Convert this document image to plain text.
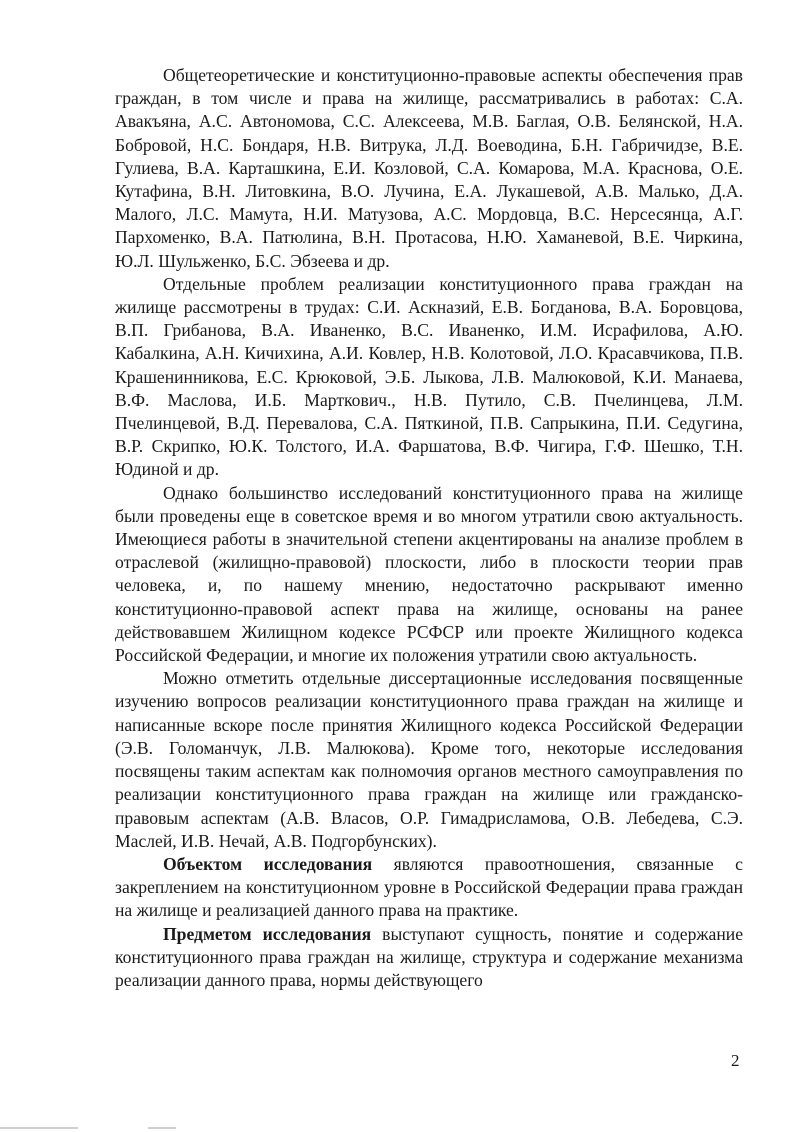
Общетеоретические и конституционно-правовые аспекты обеспечения прав граждан, в том числе и права на жилище, рассматривались в работах: С.А. Авакъяна, А.С. Автономова, С.С. Алексеева, М.В. Баглая, О.В. Белянской, Н.А. Бобровой, Н.С. Бондаря, Н.В. Витрука, Л.Д. Воеводина, Б.Н. Габричидзе, В.Е. Гулиева, В.А. Карташкина, Е.И. Козловой, С.А. Комарова, М.А. Краснова, О.Е. Кутафина, В.Н. Литовкина, В.О. Лучина, Е.А. Лукашевой, А.В. Малько, Д.А. Малого, Л.С. Мамута, Н.И. Матузова, А.С. Мордовца, В.С. Нерсесянца, А.Г. Пархоменко, В.А. Патюлина, В.Н. Протасова, Н.Ю. Хаманевой, В.Е. Чиркина, Ю.Л. Шульженко, Б.С. Эбзеева и др.

Отдельные проблем реализации конституционного права граждан на жилище рассмотрены в трудах: С.И. Аскназий, Е.В. Богданова, В.А. Боровцова, В.П. Грибанова, В.А. Иваненко, В.С. Иваненко, И.М. Исрафилова, А.Ю. Кабалкина, А.Н. Кичихина, А.И. Ковлер, Н.В. Колотовой, Л.О. Красавчикова, П.В. Крашенинникова, Е.С. Крюковой, Э.Б. Лыкова, Л.В. Малюковой, К.И. Манаева, В.Ф. Маслова, И.Б. Марткович., Н.В. Путило, С.В. Пчелинцева, Л.М. Пчелинцевой, В.Д. Перевалова, С.А. Пяткиной, П.В. Сапрыкина, П.И. Седугина, В.Р. Скрипко, Ю.К. Толстого, И.А. Фаршатова, В.Ф. Чигира, Г.Ф. Шешко, Т.Н. Юдиной и др.

Однако большинство исследований конституционного права на жилище были проведены еще в советское время и во многом утратили свою актуальность. Имеющиеся работы в значительной степени акцентированы на анализе проблем в отраслевой (жилищно-правовой) плоскости, либо в плоскости теории прав человека, и, по нашему мнению, недостаточно раскрывают именно конституционно-правовой аспект права на жилище, основаны на ранее действовавшем Жилищном кодексе РСФСР или проекте Жилищного кодекса Российской Федерации, и многие их положения утратили свою актуальность.

Можно отметить отдельные диссертационные исследования посвященные изучению вопросов реализации конституционного права граждан на жилище и написанные вскоре после принятия Жилищного кодекса Российской Федерации (Э.В. Голоманчук, Л.В. Малюкова). Кроме того, некоторые исследования посвящены таким аспектам как полномочия органов местного самоуправления по реализации конституционного права граждан на жилище или гражданско-правовым аспектам (А.В. Власов, О.Р. Гимадрисламова, О.В. Лебедева, С.Э. Маслей, И.В. Нечай, А.В. Подгорбунских).

Объектом исследования являются правоотношения, связанные с закреплением на конституционном уровне в Российской Федерации права граждан на жилище и реализацией данного права на практике.

Предметом исследования выступают сущность, понятие и содержание конституционного права граждан на жилище, структура и содержание механизма реализации данного права, нормы действующего

2
